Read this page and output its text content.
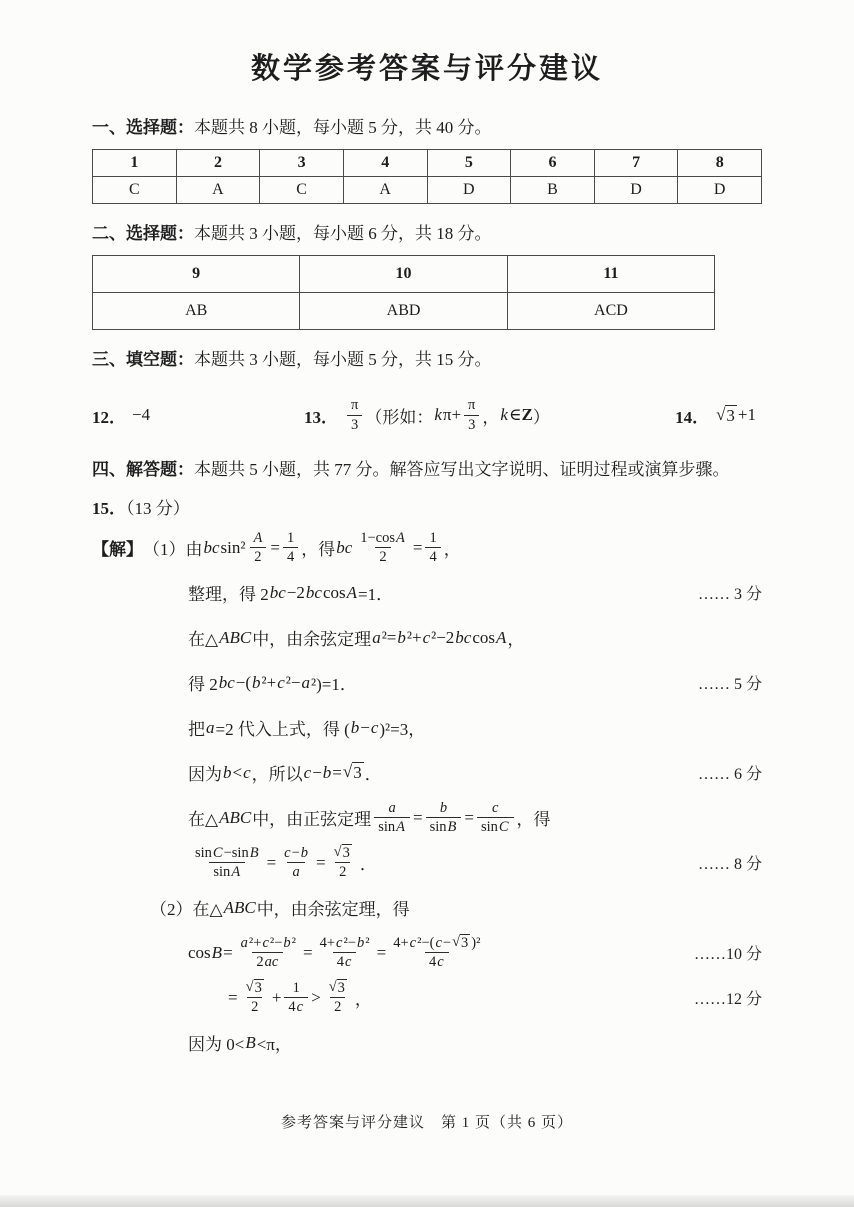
数学参考答案与评分建议

一、选择题：本题共 8 小题，每小题 5 分，共 40 分。

1	2	3	4	5	6	7	8
C	A	C	A	D	B	D	D

二、选择题：本题共 3 小题，每小题 6 分，共 18 分。

9	10	11
AB	ABD	ACD

三、填空题：本题共 3 小题，每小题 5 分，共 15 分。

12． −4	13． $\frac{\pi}{3}$ （形如： k $\pi+ \frac{\pi}{3}$ ， k ∈ Z ）	14． √ 3 +1

四、解答题：本题共 5 小题，共 77 分。解答应写出文字说明、证明过程或演算步骤。

15．（13 分）

【解】 （1）由 bc $\sin^2 \frac{A}{2} = \frac{1}{4}$ ，得 bc $\frac{\text{1−cos A}}{2} = \frac{1}{4}$ ，
整理，得 2 bc −2 bc cos A =1．	…… 3 分
在△ ABC 中，由余弦定理 a ²= b ²+ c ²−2 bc cos A ，
得 2 bc −( b ²+ c ²− a ²)=1．	…… 5 分
把 a =2 代入上式，得 ( b − c )²=3，
因为 b < c ，所以 c − b = √ 3 ．	…… 6 分
在△ ABC 中，由正弦定理 $\frac{a}{\text{sin A}} = \frac{b}{\text{sin B}} = \frac{c}{\text{sin C}}$ ，得
$\frac{\text{sin C −sin B}}{\text{sin A}} = \frac{c - b}{a} = \frac{√ 3}{2}$ ．	…… 8 分
（2）在△ ABC 中，由余弦定理，得
$\cos B = \frac{\text{a ²+ c ²− b ²}}{2 ac} = \frac{\text{4+ c ²− b ²}}{4 c} = \frac{\text{4+ c ²−( c − √ 3 )²}}{4 c}$	……10 分
= $\frac{√ 3}{2} + \frac{1}{4 c} > \frac{√ 3}{2}$ ，	……12 分
因为 0< B <π，

参考答案与评分建议　第 1 页（共 6 页）
